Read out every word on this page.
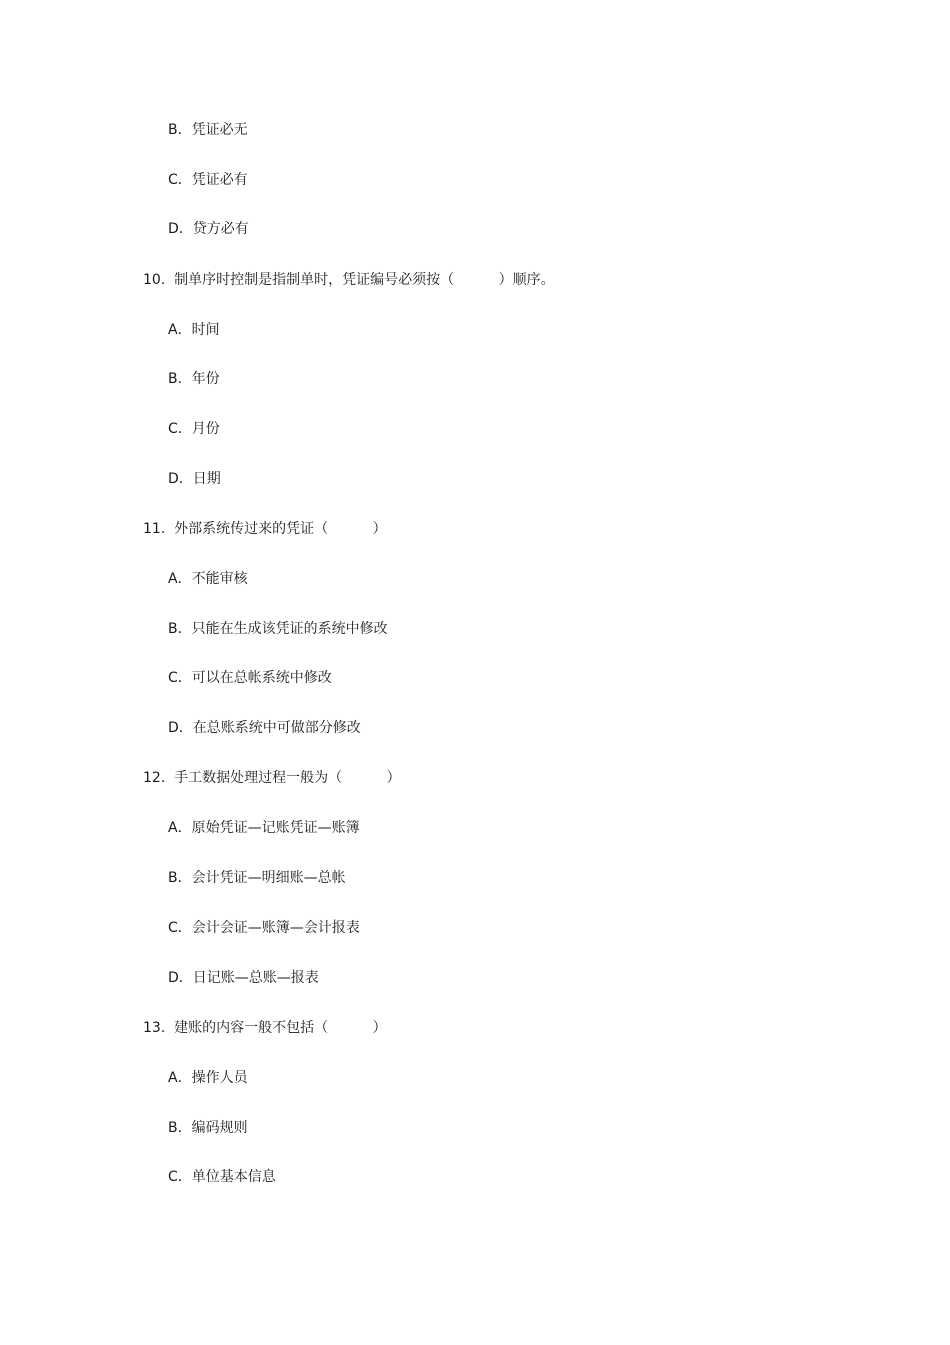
B．凭证必无
C．凭证必有
D．贷方必有
10.  制单序时控制是指制单时，凭证编号必须按（          ）顺序。
A．时间
B．年份
C．月份
D．日期
11.  外部系统传过来的凭证（          ）
A．不能审核
B．只能在生成该凭证的系统中修改
C．可以在总帐系统中修改
D．在总账系统中可做部分修改
12.  手工数据处理过程一般为（          ）
A．原始凭证—记账凭证—账簿
B．会计凭证—明细账—总帐
C．会计会证—账簿—会计报表
D．日记账—总账—报表
13.  建账的内容一般不包括（          ）
A．操作人员
B．编码规则
C．单位基本信息
